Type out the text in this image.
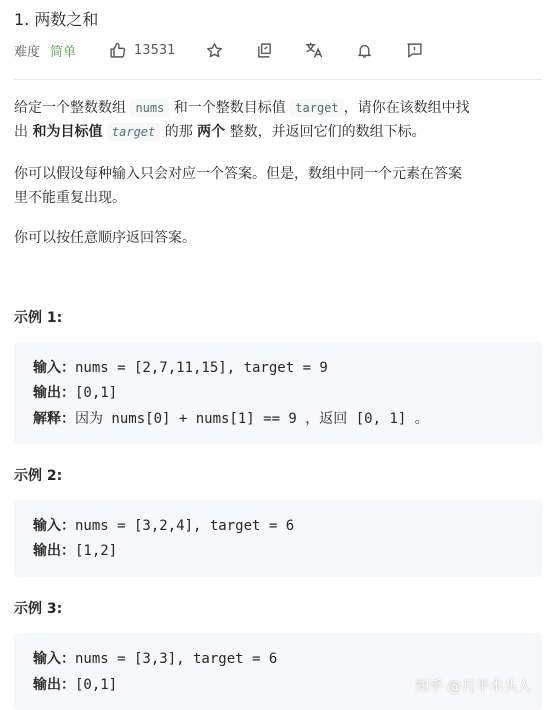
1. 两数之和
难度 简单	13531
给定一个整数数组 nums 和一个整数目标值 target ，请你在该数组中找
出 和为目标值 target 的那 两个 整数，并返回它们的数组下标。
你可以假设每种输入只会对应一个答案。但是，数组中同一个元素在答案
里不能重复出现。
你可以按任意顺序返回答案。
示例 1:
输入：nums = [2,7,11,15], target = 9
输出：[0,1]
解释：因为 nums[0] + nums[1] == 9 ，返回 [0, 1] 。
示例 2:
输入：nums = [3,2,4], target = 6
输出：[1,2]
示例 3:
输入：nums = [3,3], target = 6
输出：[0,1]	知乎 @月半木头人
